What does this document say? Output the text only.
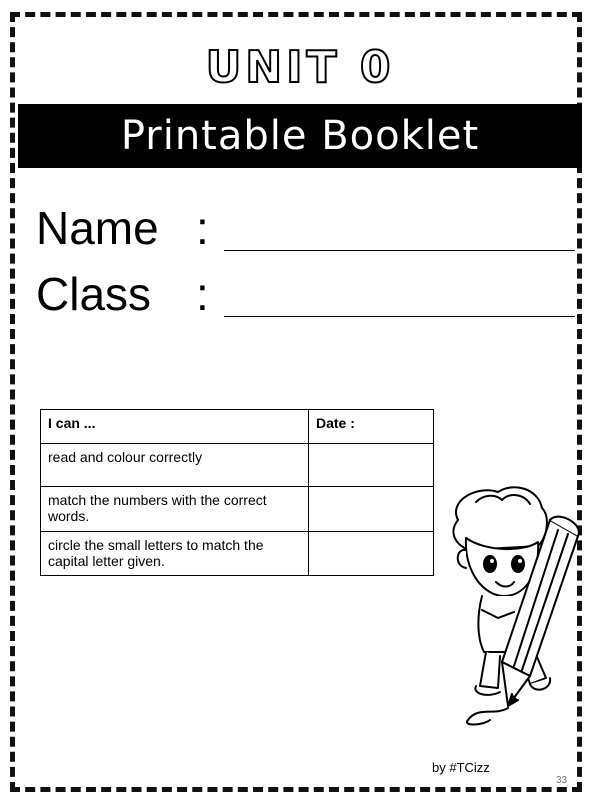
UNIT 0
Printable Booklet
Name :
Class :
I can ...	Date :
read and colour correctly	
match the numbers with the correct words.	
circle the small letters to match the capital letter given.	
by #TCizz
33
